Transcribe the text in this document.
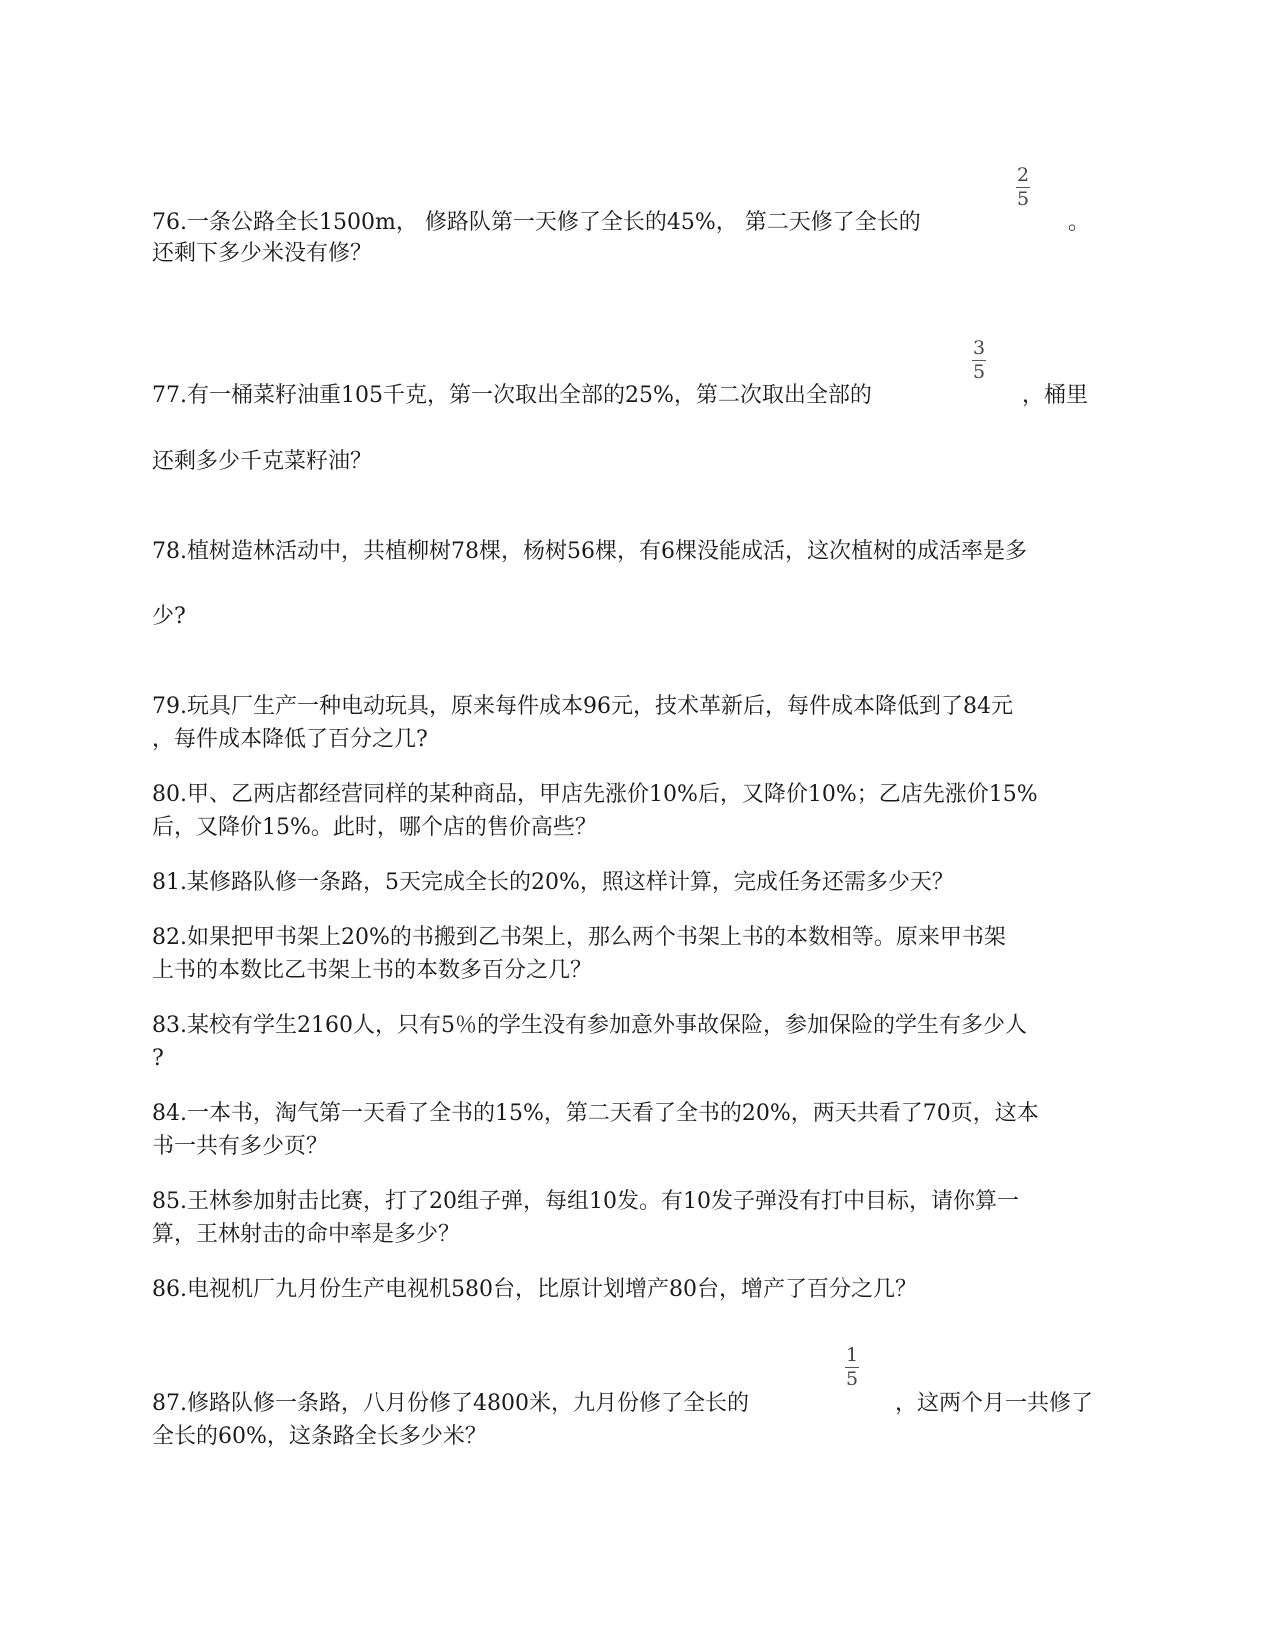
2
5
76.一条公路全长1500m， 修路队第一天修了全长的45%， 第二天修了全长的	。
还剩下多少米没有修？
3
5
77.有一桶菜籽油重105千克，第一次取出全部的25%，第二次取出全部的	，桶里
还剩多少千克菜籽油？
78.植树造林活动中，共植柳树78棵，杨树56棵，有6棵没能成活，这次植树的成活率是多
少?
79.玩具厂生产一种电动玩具，原来每件成本96元，技术革新后，每件成本降低到了84元
，每件成本降低了百分之几?
80.甲、乙两店都经营同样的某种商品，甲店先涨价10%后，又降价10%；乙店先涨价15%
后，又降价15%。此时，哪个店的售价高些？
81.某修路队修一条路，5天完成全长的20%，照这样计算，完成任务还需多少天？
82.如果把甲书架上20%的书搬到乙书架上，那么两个书架上书的本数相等。原来甲书架
上书的本数比乙书架上书的本数多百分之几？
83.某校有学生2160人，只有5％的学生没有参加意外事故保险，参加保险的学生有多少人
?
84.一本书，淘气第一天看了全书的15%，第二天看了全书的20%，两天共看了70页，这本
书一共有多少页？
85.王林参加射击比赛，打了20组子弹，每组10发。有10发子弹没有打中目标，请你算一
算，王林射击的命中率是多少？
86.电视机厂九月份生产电视机580台，比原计划增产80台，增产了百分之几？
1
5
87.修路队修一条路，八月份修了4800米，九月份修了全长的	，这两个月一共修了
全长的60%，这条路全长多少米？
